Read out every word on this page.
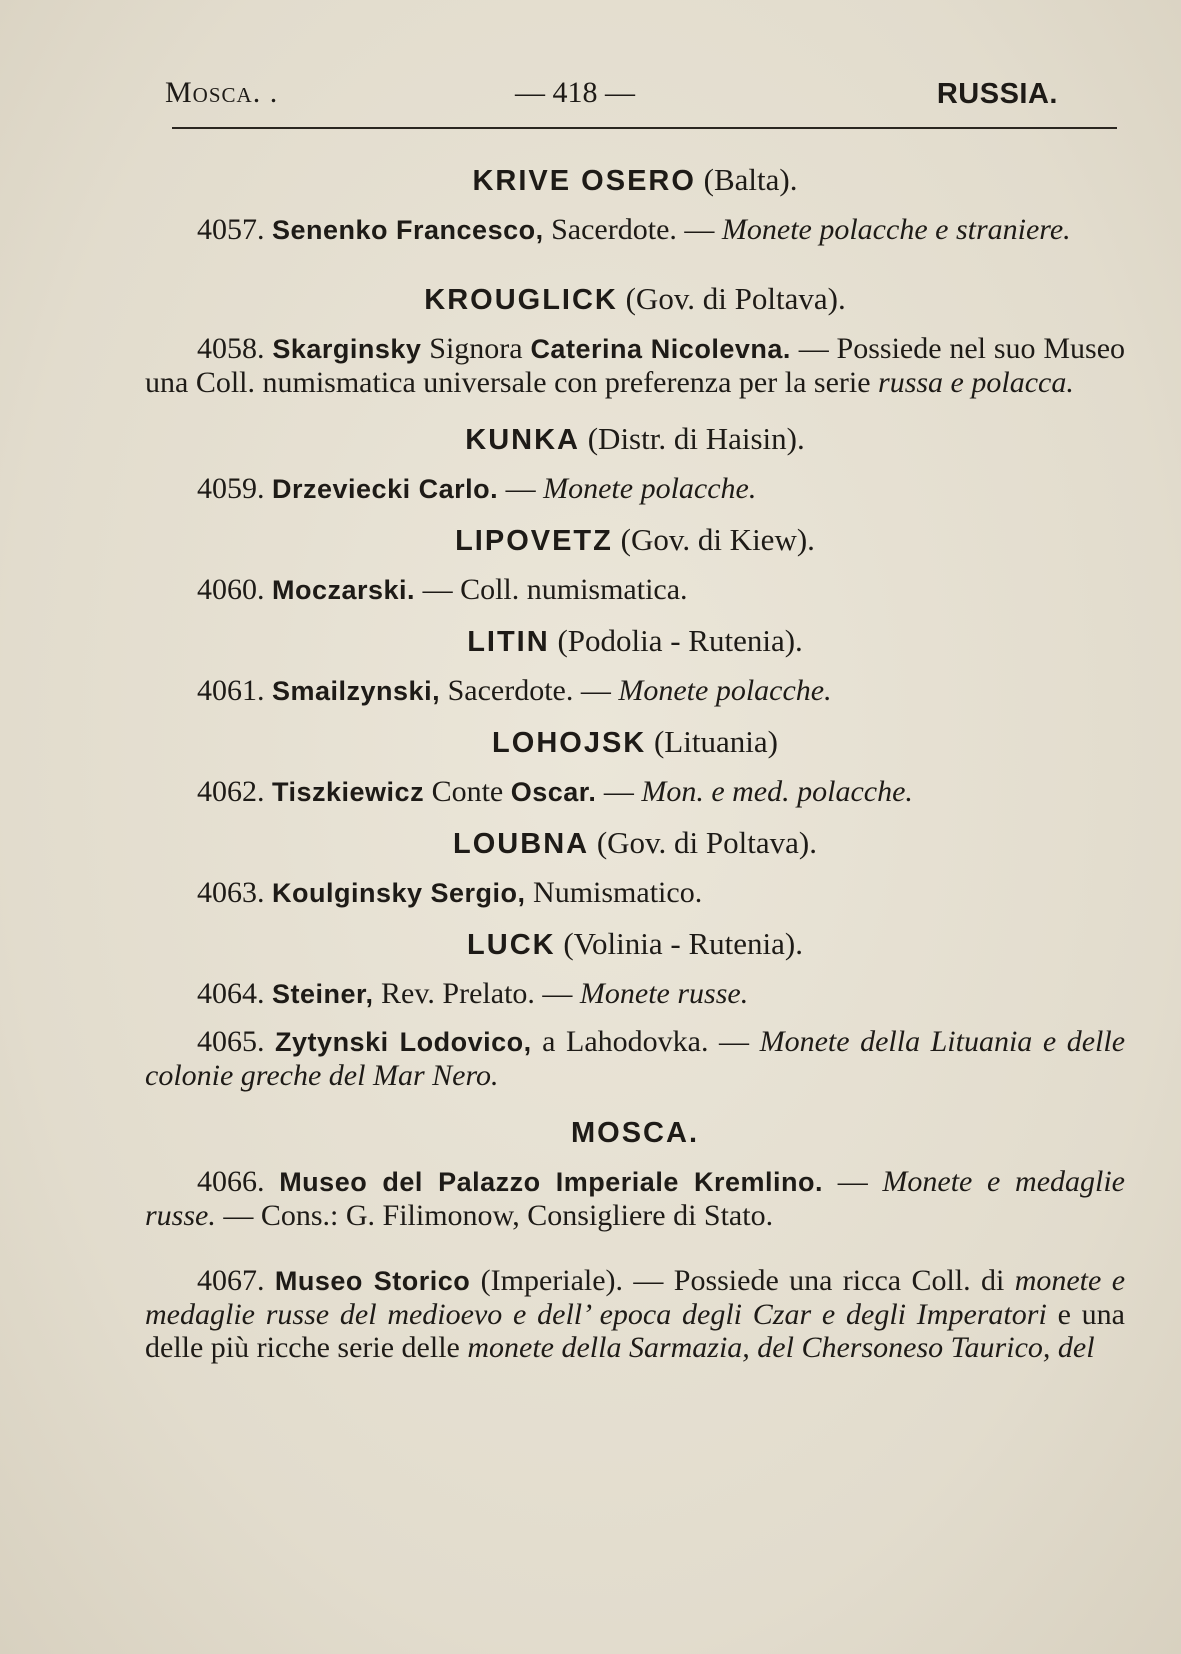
Mosca. .	— 418 —	RUSSIA.
KRIVE OSERO (Balta).

4057. Senenko Francesco, Sacerdote. — Monete polacche e straniere.

KROUGLICK (Gov. di Poltava).

4058. Skarginsky Signora Caterina Nicolevna. — Possiede nel suo Museo una Coll. numismatica universale con preferenza per la serie russa e polacca.

KUNKA (Distr. di Haisin).

4059. Drzeviecki Carlo. — Monete polacche.

LIPOVETZ (Gov. di Kiew).

4060. Moczarski. — Coll. numismatica.

LITIN (Podolia - Rutenia).

4061. Smailzynski, Sacerdote. — Monete polacche.

LOHOJSK (Lituania)

4062. Tiszkiewicz Conte Oscar. — Mon. e med. polacche.

LOUBNA (Gov. di Poltava).

4063. Koulginsky Sergio, Numismatico.

LUCK (Volinia - Rutenia).

4064. Steiner, Rev. Prelato. — Monete russe.

4065. Zytynski Lodovico, a Lahodovka. — Monete della Lituania e delle colonie greche del Mar Nero.

MOSCA.

4066. Museo del Palazzo Imperiale Kremlino. — Monete e medaglie russe. — Cons.: G. Filimonow, Consigliere di Stato.

4067. Museo Storico (Imperiale). — Possiede una ricca Coll. di monete e medaglie russe del medioevo e dell’ epoca degli Czar e degli Imperatori e una delle più ricche serie delle monete della Sarmazia, del Chersoneso Taurico, del
